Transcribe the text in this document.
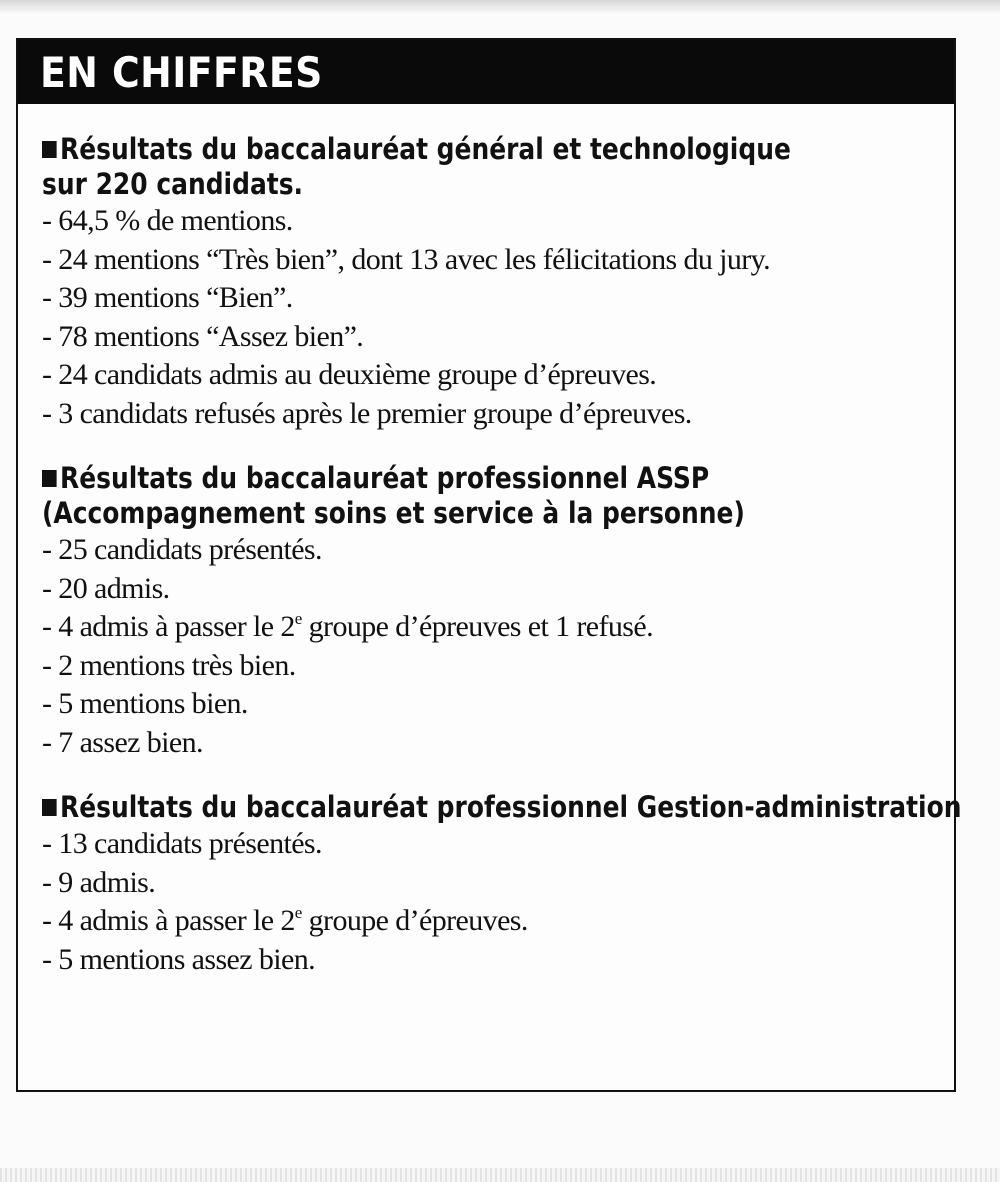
EN CHIFFRES
Résultats du baccalauréat général et technologique
sur 220 candidats.
- 64,5 % de mentions.
- 24 mentions “Très bien”, dont 13 avec les félicitations du jury.
- 39 mentions “Bien”.
- 78 mentions “Assez bien”.
- 24 candidats admis au deuxième groupe d’épreuves.
- 3 candidats refusés après le premier groupe d’épreuves.
Résultats du baccalauréat professionnel ASSP
(Accompagnement soins et service à la personne)
- 25 candidats présentés.
- 20 admis.
- 4 admis à passer le 2e groupe d’épreuves et 1 refusé.
- 2 mentions très bien.
- 5 mentions bien.
- 7 assez bien.
Résultats du baccalauréat professionnel Gestion-administration
- 13 candidats présentés.
- 9 admis.
- 4 admis à passer le 2e groupe d’épreuves.
- 5 mentions assez bien.
